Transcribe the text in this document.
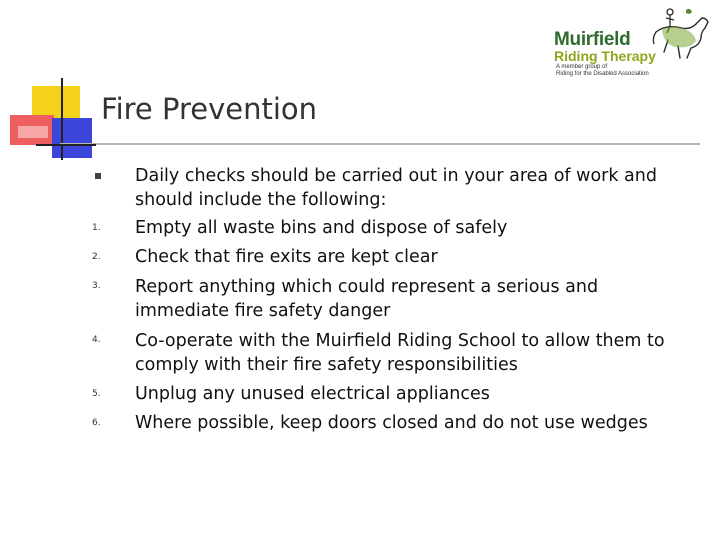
Fire Prevention
Muirfield
Riding Therapy
A member group of
Riding for the Disabled Association
Daily checks should be carried out in your area of work and should include the following:
1.	Empty all waste bins and dispose of safely
2.	Check that fire exits are kept clear
3.	Report anything which could represent a serious and immediate fire safety danger
4.	Co-operate with the Muirfield Riding School to allow them to comply with their fire safety responsibilities
5.	Unplug any unused electrical appliances
6.	Where possible, keep doors closed and do not use wedges
